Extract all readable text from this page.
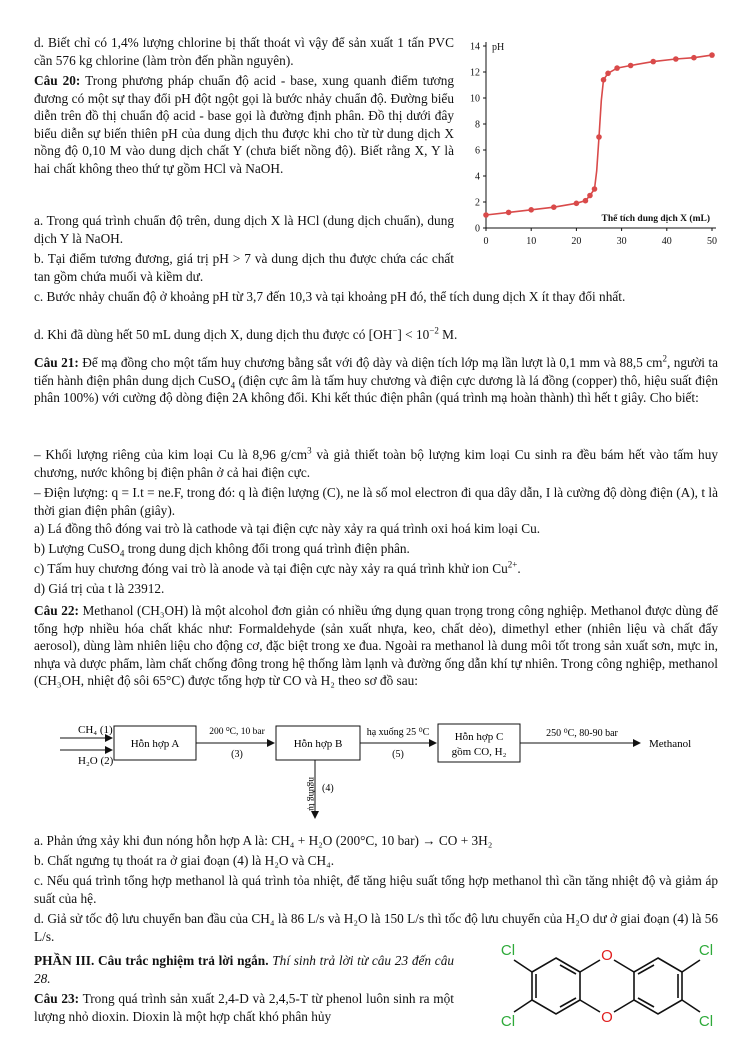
d. Biết chỉ có 1,4% lượng chlorine bị thất thoát vì vậy để sản xuất 1 tấn PVC cần 576 kg chlorine (làm tròn đến phần nguyên).

Câu 20: Trong phương pháp chuẩn độ acid - base, xung quanh điểm tương đương có một sự thay đổi pH đột ngột gọi là bước nhảy chuẩn độ. Đường biểu diễn trên đồ thị chuẩn độ acid - base gọi là đường định phân. Đồ thị dưới đây biểu diễn sự biến thiên pH của dung dịch thu được khi cho từ từ dung dịch X nồng độ 0,10 M vào dung dịch chất Y (chưa biết nồng độ). Biết rằng X, Y là hai chất không theo thứ tự gồm HCl và NaOH.

a. Trong quá trình chuẩn độ trên, dung dịch X là HCl (dung dịch chuẩn), dung dịch Y là NaOH.

b. Tại điểm tương đương, giá trị pH > 7 và dung dịch thu được chứa các chất tan gồm chứa muối và kiềm dư.

c. Bước nhảy chuẩn độ ở khoảng pH từ 3,7 đến 10,3 và tại khoảng pH đó, thể tích dung dịch X ít thay đổi nhất.

d. Khi đã dùng hết 50 mL dung dịch X, dung dịch thu được có $[OH^-] < 10^{-2}$ M.

0
2
4
6
8
10
12
14
0	10	20	30	40	50
pH
Thể tích dung dịch X (mL)

Câu 21: Để mạ đồng cho một tấm huy chương bằng sắt với độ dày và diện tích lớp mạ lần lượt là 0,1 mm và 88,5 $cm^2$, người ta tiến hành điện phân dung dịch CuSO$_4$ (điện cực âm là tấm huy chương và điện cực dương là lá đồng (copper) thô, hiệu suất điện phân 100%) với cường độ dòng điện 2A không đổi. Khi kết thúc điện phân (quá trình mạ hoàn thành) thì hết t giây. Cho biết:

– Khối lượng riêng của kim loại Cu là 8,96 $g/cm^3$ và giả thiết toàn bộ lượng kim loại Cu sinh ra đều bám hết vào tấm huy chương, nước không bị điện phân ở cả hai điện cực.

– Điện lượng: q = I.t = ne.F, trong đó: q là điện lượng (C), ne là số mol electron đi qua dây dẫn, I là cường độ dòng điện (A), t là thời gian điện phân (giây).

a) Lá đồng thô đóng vai trò là cathode và tại điện cực này xảy ra quá trình oxi hoá kim loại Cu.

b) Lượng CuSO$_4$ trong dung dịch không đổi trong quá trình điện phân.

c) Tấm huy chương đóng vai trò là anode và tại điện cực này xảy ra quá trình khử ion $Cu^{2+}$.

d) Giá trị của t là 23912.

Câu 22: Methanol (CH₃OH) là một alcohol đơn giản có nhiều ứng dụng quan trọng trong công nghiệp. Methanol được dùng để tổng hợp nhiều hóa chất khác như: Formaldehyde (sản xuất nhựa, keo, chất dẻo), dimethyl ether (nhiên liệu và chất đẩy aerosol), dùng làm nhiên liệu cho động cơ, đặc biệt trong xe đua. Ngoài ra methanol là dung môi tốt trong sản xuất sơn, mực in, nhựa và dược phẩm, làm chất chống đông trong hệ thống làm lạnh và đường ống dẫn khí tự nhiên. Trong công nghiệp, methanol (CH₃OH, nhiệt độ sôi 65°C) được tổng hợp từ CO và H₂ theo sơ đồ sau:

CH₄ (1)
H₂O (2)
Hỗn hợp A
200 ⁰C, 10 bar
(3)
Hỗn hợp B
hạ xuống 25 ⁰C
(5)
Hỗn hợp C
gồm CO, H₂
250 ⁰C, 80-90 bar
Methanol
ngưng tụ (4)

a. Phản ứng xảy khi đun nóng hỗn hợp A là: CH₄ + H₂O (200°C, 10 bar) → CO + 3H₂

b. Chất ngưng tụ thoát ra ở giai đoạn (4) là H₂O và CH₄.

c. Nếu quá trình tổng hợp methanol là quá trình tỏa nhiệt, để tăng hiệu suất tổng hợp methanol thì cần tăng nhiệt độ và giảm áp suất của hệ.

d. Giả sử tốc độ lưu chuyển ban đầu của CH₄ là 86 L/s và H₂O là 150 L/s thì tốc độ lưu chuyển của H₂O dư ở giai đoạn (4) là 56 L/s.

PHẦN III. Câu trắc nghiệm trả lời ngắn. Thí sinh trả lời từ câu 23 đến câu 28.

Câu 23: Trong quá trình sản xuất 2,4-D và 2,4,5-T từ phenol luôn sinh ra một lượng nhỏ dioxin. Dioxin là một hợp chất khó phân hủy

O
O
Cl
Cl
Cl
Cl
